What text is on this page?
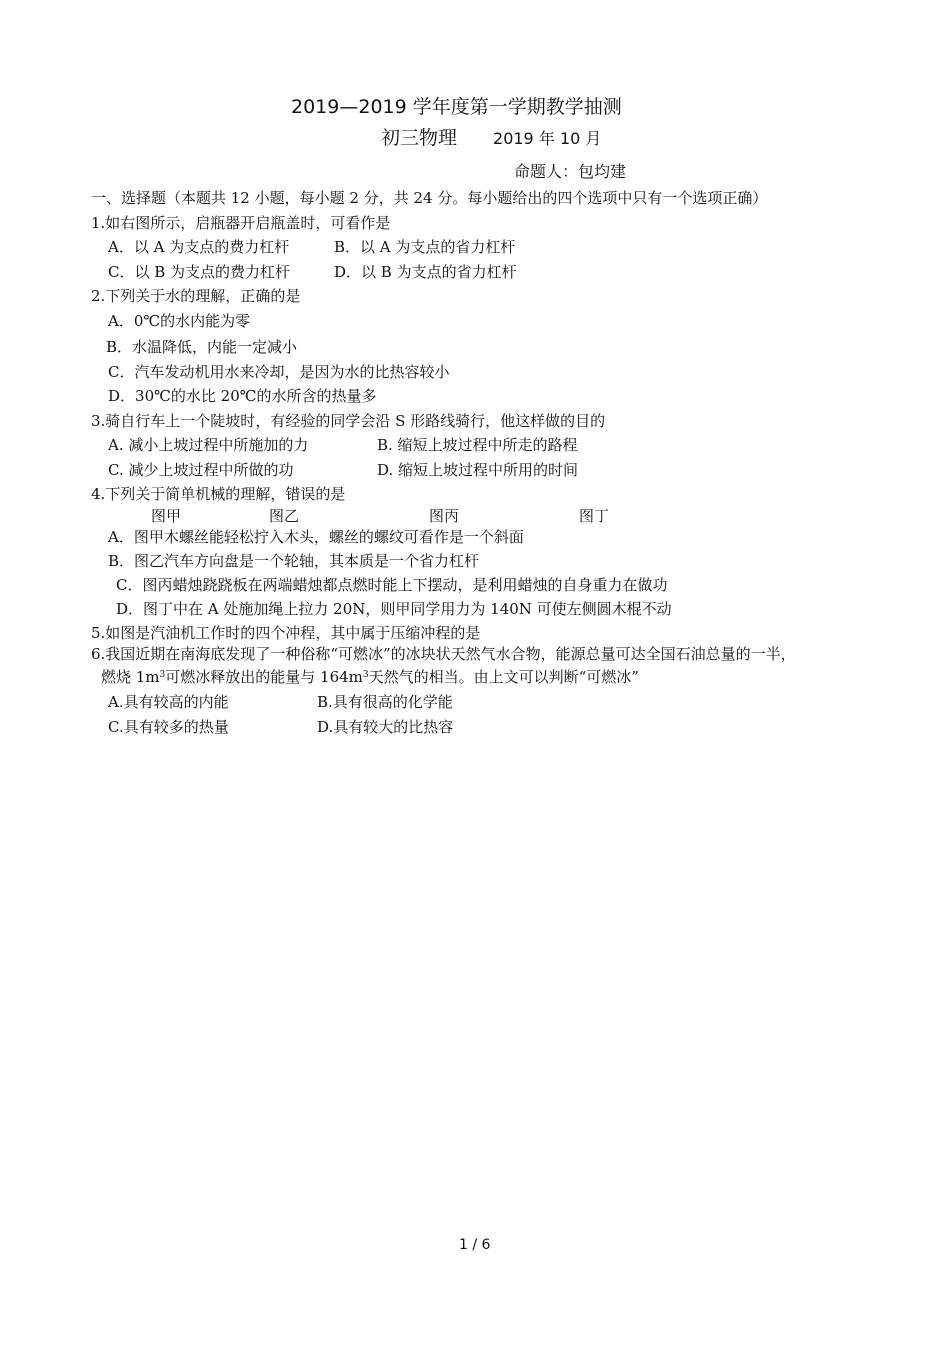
2019—2019 学年度第一学期教学抽测
初三物理 2019 年 10 月
命题人：包均建
一、选择题（本题共 12 小题，每小题 2 分，共 24 分。每小题给出的四个选项中只有一个选项正确）
1.如右图所示，启瓶器开启瓶盖时，可看作是
A．以 A 为支点的费力杠杆	B．以 A 为支点的省力杠杆
C．以 B 为支点的费力杠杆	D．以 B 为支点的省力杠杆
2.下列关于水的理解，正确的是
A．0℃的水内能为零
B．水温降低，内能一定减小
C．汽车发动机用水来冷却，是因为水的比热容较小
D．30℃的水比 20℃的水所含的热量多
3.骑自行车上一个陡坡时，有经验的同学会沿 S 形路线骑行，他这样做的目的
A. 减小上坡过程中所施加的力	B. 缩短上坡过程中所走的路程
C. 减少上坡过程中所做的功	D. 缩短上坡过程中所用的时间
4.下列关于简单机械的理解，错误的是
图甲	图乙	图丙	图丁
A．图甲木螺丝能轻松拧入木头，螺丝的螺纹可看作是一个斜面
B．图乙汽车方向盘是一个轮轴，其本质是一个省力杠杆
C．图丙蜡烛跷跷板在两端蜡烛都点燃时能上下摆动，是利用蜡烛的自身重力在做功
D．图丁中在 A 处施加绳上拉力 20N，则甲同学用力为 140N 可使左侧圆木棍不动
5.如图是汽油机工作时的四个冲程，其中属于压缩冲程的是
6.我国近期在南海底发现了一种俗称“可燃冰”的冰块状天然气水合物，能源总量可达全国石油总量的一半，
燃烧 $1m^3$可燃冰释放出的能量与 $164m^3$天然气的相当。由上文可以判断“可燃冰”
A.具有较高的内能	B.具有很高的化学能
C.具有较多的热量	D.具有较大的比热容
1 / 6
